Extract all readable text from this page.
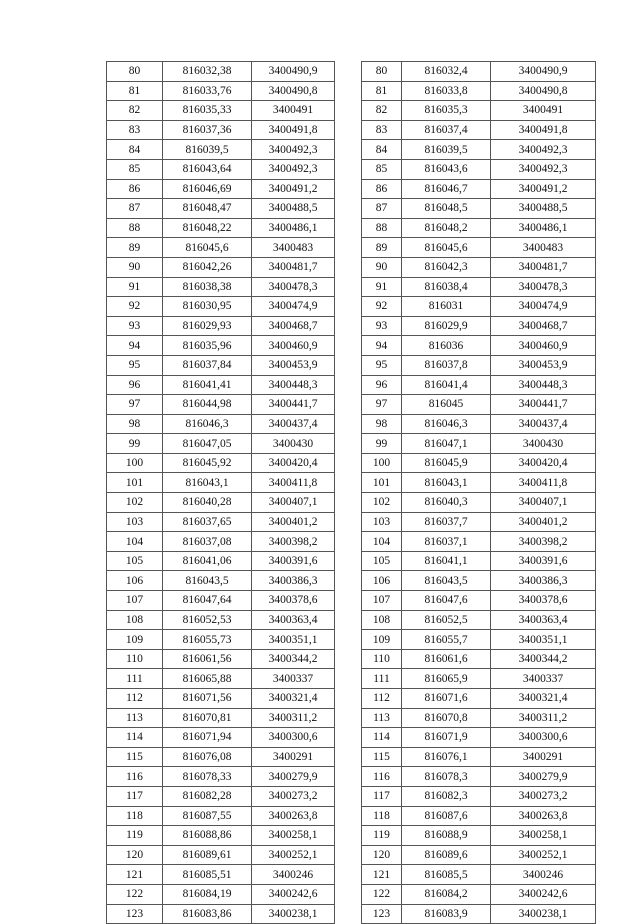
80	816032,38	3400490,9		80	816032,4	3400490,9
81	816033,76	3400490,8		81	816033,8	3400490,8
82	816035,33	3400491		82	816035,3	3400491
83	816037,36	3400491,8		83	816037,4	3400491,8
84	816039,5	3400492,3		84	816039,5	3400492,3
85	816043,64	3400492,3		85	816043,6	3400492,3
86	816046,69	3400491,2		86	816046,7	3400491,2
87	816048,47	3400488,5		87	816048,5	3400488,5
88	816048,22	3400486,1		88	816048,2	3400486,1
89	816045,6	3400483		89	816045,6	3400483
90	816042,26	3400481,7		90	816042,3	3400481,7
91	816038,38	3400478,3		91	816038,4	3400478,3
92	816030,95	3400474,9		92	816031	3400474,9
93	816029,93	3400468,7		93	816029,9	3400468,7
94	816035,96	3400460,9		94	816036	3400460,9
95	816037,84	3400453,9		95	816037,8	3400453,9
96	816041,41	3400448,3		96	816041,4	3400448,3
97	816044,98	3400441,7		97	816045	3400441,7
98	816046,3	3400437,4		98	816046,3	3400437,4
99	816047,05	3400430		99	816047,1	3400430
100	816045,92	3400420,4		100	816045,9	3400420,4
101	816043,1	3400411,8		101	816043,1	3400411,8
102	816040,28	3400407,1		102	816040,3	3400407,1
103	816037,65	3400401,2		103	816037,7	3400401,2
104	816037,08	3400398,2		104	816037,1	3400398,2
105	816041,06	3400391,6		105	816041,1	3400391,6
106	816043,5	3400386,3		106	816043,5	3400386,3
107	816047,64	3400378,6		107	816047,6	3400378,6
108	816052,53	3400363,4		108	816052,5	3400363,4
109	816055,73	3400351,1		109	816055,7	3400351,1
110	816061,56	3400344,2		110	816061,6	3400344,2
111	816065,88	3400337		111	816065,9	3400337
112	816071,56	3400321,4		112	816071,6	3400321,4
113	816070,81	3400311,2		113	816070,8	3400311,2
114	816071,94	3400300,6		114	816071,9	3400300,6
115	816076,08	3400291		115	816076,1	3400291
116	816078,33	3400279,9		116	816078,3	3400279,9
117	816082,28	3400273,2		117	816082,3	3400273,2
118	816087,55	3400263,8		118	816087,6	3400263,8
119	816088,86	3400258,1		119	816088,9	3400258,1
120	816089,61	3400252,1		120	816089,6	3400252,1
121	816085,51	3400246		121	816085,5	3400246
122	816084,19	3400242,6		122	816084,2	3400242,6
123	816083,86	3400238,1		123	816083,9	3400238,1
